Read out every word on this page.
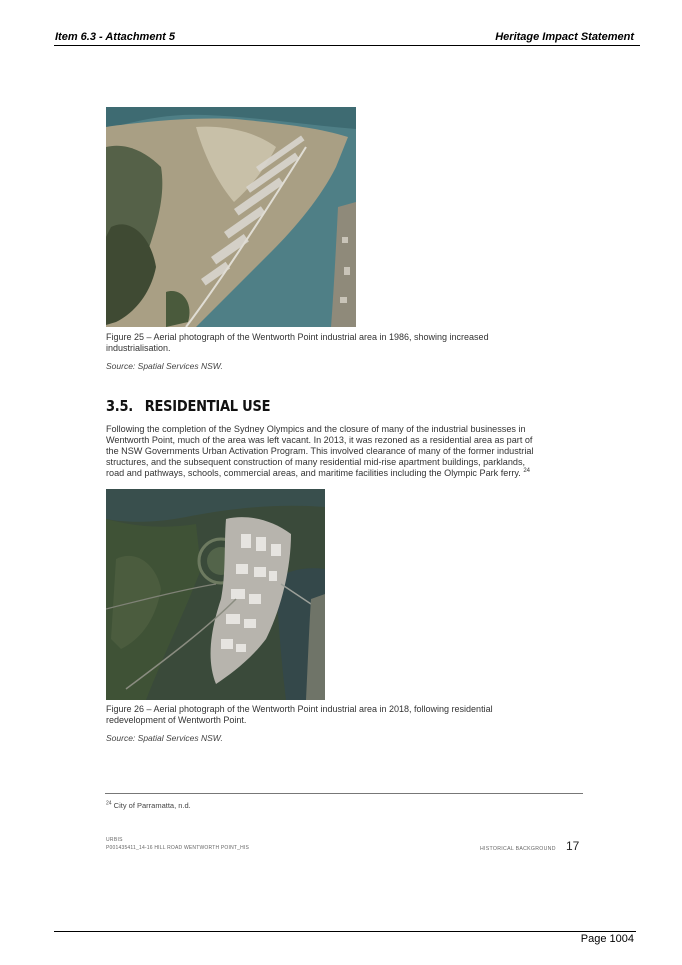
Item 6.3 - Attachment 5	Heritage Impact Statement
Figure 25 – Aerial photograph of the Wentworth Point industrial area in 1986, showing increased
industrialisation.
Source: Spatial Services NSW.
3.5. RESIDENTIAL USE
Following the completion of the Sydney Olympics and the closure of many of the industrial businesses in
Wentworth Point, much of the area was left vacant. In 2013, it was rezoned as a residential area as part of
the NSW Governments Urban Activation Program. This involved clearance of many of the former industrial
structures, and the subsequent construction of many residential mid-rise apartment buildings, parklands,
road and pathways, schools, commercial areas, and maritime facilities including the Olympic Park ferry. $^{24}$
Figure 26 – Aerial photograph of the Wentworth Point industrial area in 2018, following residential
redevelopment of Wentworth Point.
Source: Spatial Services NSW.
$^{24}$ City of Parramatta, n.d.
URBIS
P0014354​11_14-16 HILL ROAD WENTWORTH POINT_HIS	HISTORICAL BACKGROUND 17
Page 1004
